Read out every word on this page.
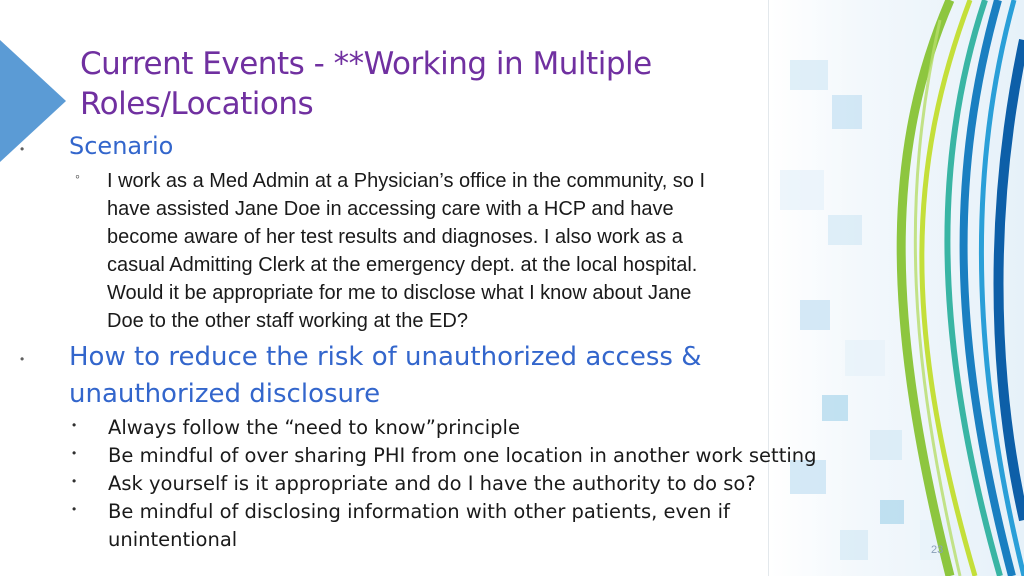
Current Events - **Working in Multiple
Roles/Locations
• Scenario
◦ I work as a Med Admin at a Physician’s office in the community, so I
have assisted Jane Doe in accessing care with a HCP and have
become aware of her test results and diagnoses. I also work as a
casual Admitting Clerk at the emergency dept. at the local hospital.
Would it be appropriate for me to disclose what I know about Jane
Doe to the other staff working at the ED?
• How to reduce the risk of unauthorized access &
unauthorized disclosure
• Always follow the “need to know”principle
• Be mindful of over sharing PHI from one location in another work setting
• Ask yourself is it appropriate and do I have the authority to do so?
• Be mindful of disclosing information with other patients, even if
unintentional	23
